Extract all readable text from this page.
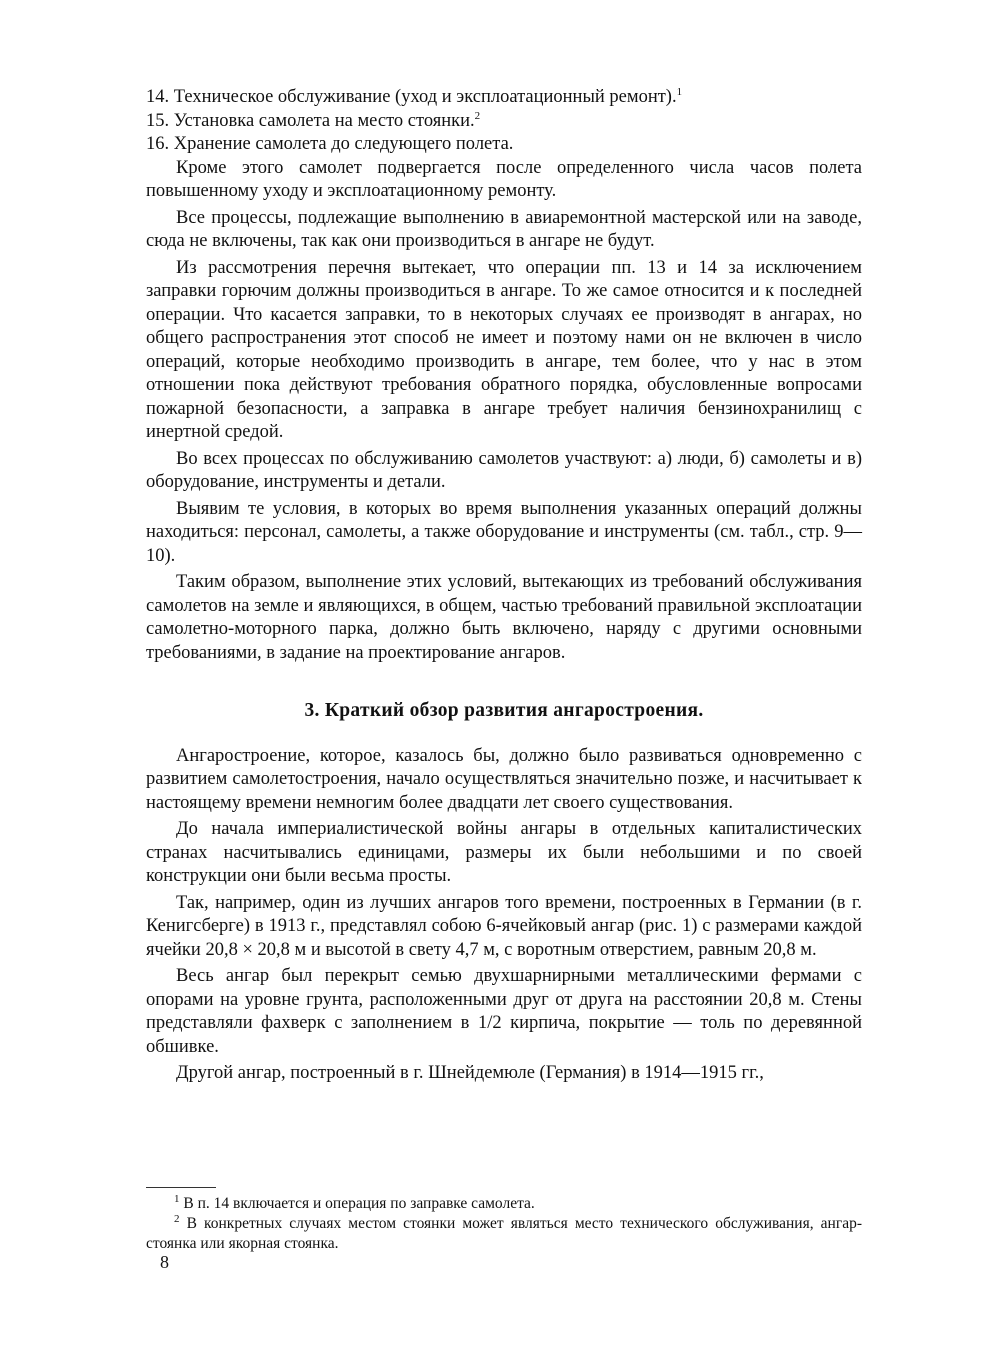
14. Техническое обслуживание (уход и эксплоатационный ремонт).$^1$
15. Установка самолета на место стоянки.$^2$
16. Хранение самолета до следующего полета.

Кроме этого самолет подвергается после определенного числа часов полета повышенному уходу и эксплоатационному ремонту.

Все процессы, подлежащие выполнению в авиаремонтной мастерской или на заводе, сюда не включены, так как они производиться в ангаре не будут.

Из рассмотрения перечня вытекает, что операции пп. 13 и 14 за исключением заправки горючим должны производиться в ангаре. То же самое относится и к последней операции. Что касается заправки, то в некоторых случаях ее производят в ангарах, но общего распространения этот способ не имеет и поэтому нами он не включен в число операций, которые необходимо производить в ангаре, тем более, что у нас в этом отношении пока действуют требования обратного порядка, обусловленные вопросами пожарной безопасности, а заправка в ангаре требует наличия бензинохранилищ с инертной средой.

Во всех процессах по обслуживанию самолетов участвуют: а) люди, б) самолеты и в) оборудование, инструменты и детали.

Выявим те условия, в которых во время выполнения указанных операций должны находиться: персонал, самолеты, а также оборудование и инструменты (см. табл., стр. 9—10).

Таким образом, выполнение этих условий, вытекающих из требований обслуживания самолетов на земле и являющихся, в общем, частью требований правильной эксплоатации самолетно-моторного парка, должно быть включено, наряду с другими основными требованиями, в задание на проектирование ангаров.

3. Краткий обзор развития ангаростроения.

Ангаростроение, которое, казалось бы, должно было развиваться одновременно с развитием самолетостроения, начало осуществляться значительно позже, и насчитывает к настоящему времени немногим более двадцати лет своего существования.

До начала империалистической войны ангары в отдельных капиталистических странах насчитывались единицами, размеры их были небольшими и по своей конструкции они были весьма просты.

Так, например, один из лучших ангаров того времени, построенных в Германии (в г. Кенигсберге) в 1913 г., представлял собою 6-ячейковый ангар (рис. 1) с размерами каждой ячейки 20,8 × 20,8 м и высотой в свету 4,7 м, с воротным отверстием, равным 20,8 м.

Весь ангар был перекрыт семью двухшарнирными металлическими фермами с опорами на уровне грунта, расположенными друг от друга на расстоянии 20,8 м. Стены представляли фахверк с заполнением в 1/2 кирпича, покрытие — толь по деревянной обшивке.

Другой ангар, построенный в г. Шнейдемюле (Германия) в 1914—1915 гг.,

$^1$ В п. 14 включается и операция по заправке самолета.

$^2$ В конкретных случаях местом стоянки может являться место технического обслуживания, ангар-стоянка или якорная стоянка.

8
